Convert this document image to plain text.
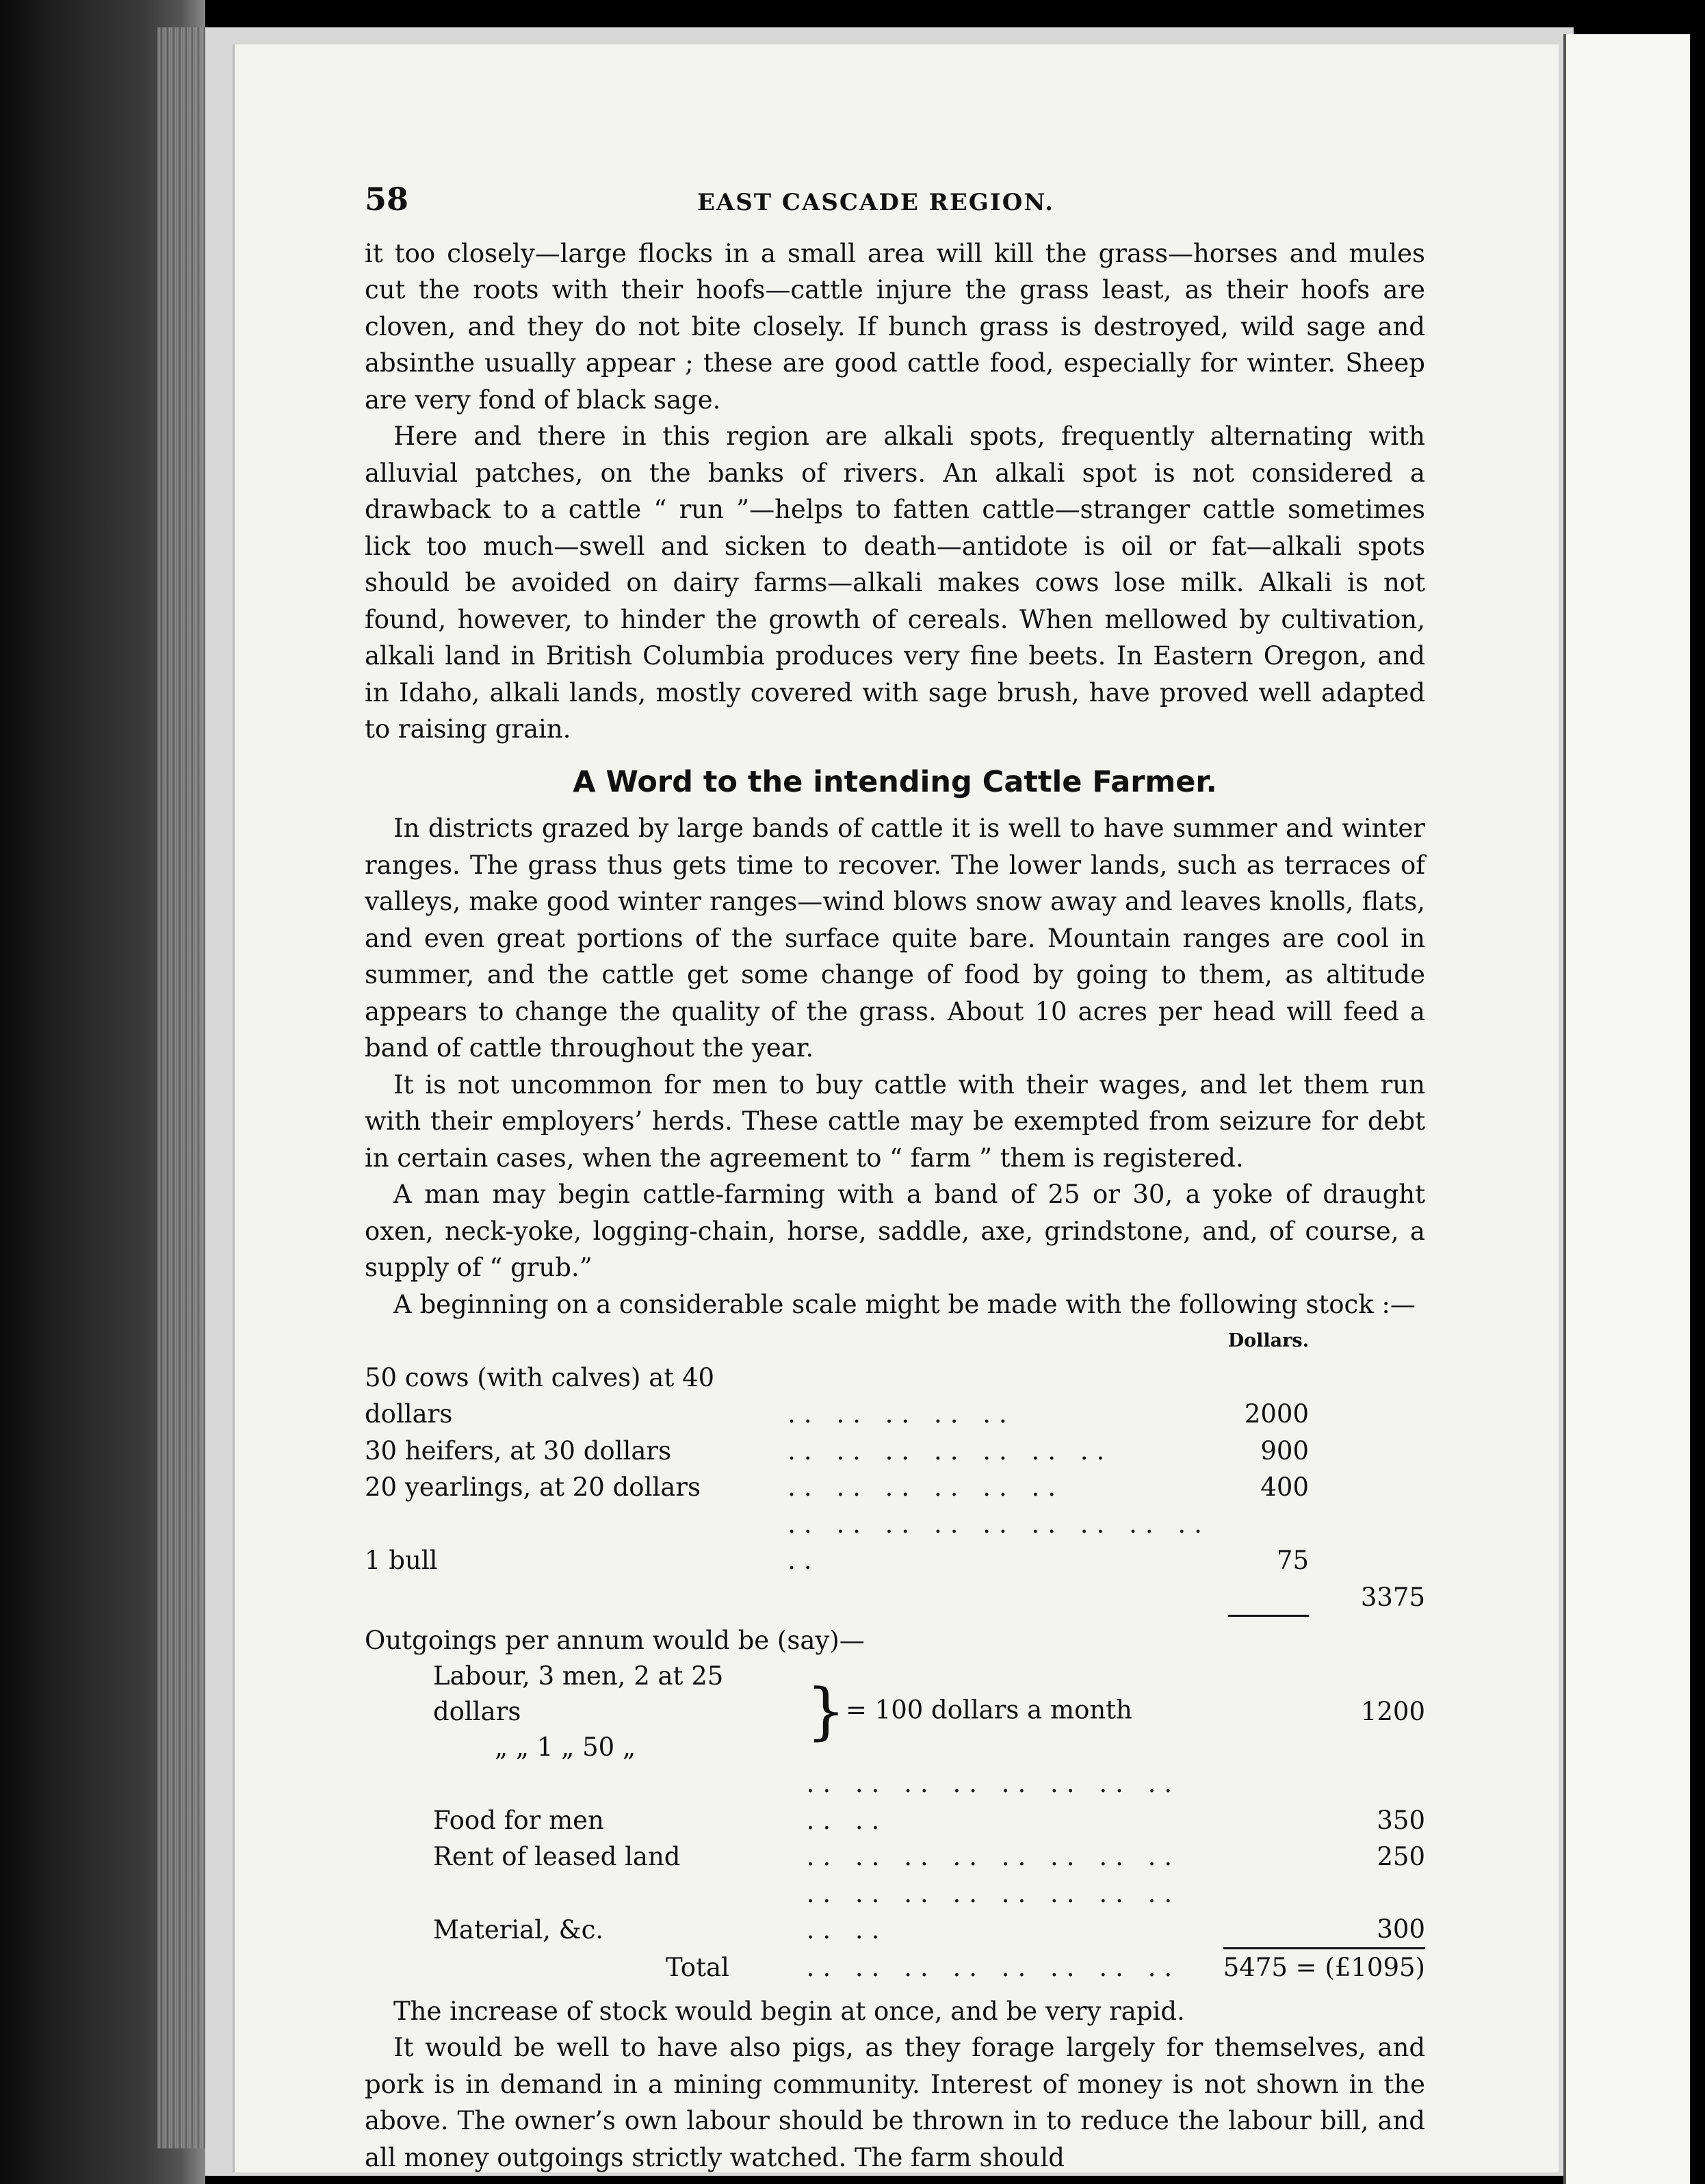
58	EAST CASCADE REGION.

it too closely—large flocks in a small area will kill the grass—horses and mules cut the roots with their hoofs—cattle injure the grass least, as their hoofs are cloven, and they do not bite closely. If bunch grass is destroyed, wild sage and absinthe usually appear ; these are good cattle food, especially for winter. Sheep are very fond of black sage.

Here and there in this region are alkali spots, frequently alternating with alluvial patches, on the banks of rivers. An alkali spot is not considered a drawback to a cattle “ run ”—helps to fatten cattle—stranger cattle sometimes lick too much—swell and sicken to death—antidote is oil or fat—alkali spots should be avoided on dairy farms—alkali makes cows lose milk. Alkali is not found, however, to hinder the growth of cereals. When mellowed by cultivation, alkali land in British Columbia produces very fine beets. In Eastern Oregon, and in Idaho, alkali lands, mostly covered with sage brush, have proved well adapted to raising grain.

A Word to the intending Cattle Farmer.

In districts grazed by large bands of cattle it is well to have summer and winter ranges. The grass thus gets time to recover. The lower lands, such as terraces of valleys, make good winter ranges—wind blows snow away and leaves knolls, flats, and even great portions of the surface quite bare. Mountain ranges are cool in summer, and the cattle get some change of food by going to them, as altitude appears to change the quality of the grass. About 10 acres per head will feed a band of cattle throughout the year.

It is not uncommon for men to buy cattle with their wages, and let them run with their employers’ herds. These cattle may be exempted from seizure for debt in certain cases, when the agreement to “ farm ” them is registered.

A man may begin cattle-farming with a band of 25 or 30, a yoke of draught oxen, neck-yoke, logging-chain, horse, saddle, axe, grindstone, and, of course, a supply of “ grub.”

A beginning on a considerable scale might be made with the following stock :—

		Dollars.	
50 cows (with calves) at 40 dollars	.. .. .. .. ..	2000	
30 heifers, at 30 dollars	.. .. .. .. .. .. ..	900	
20 yearlings, at 20 dollars	.. .. .. .. .. ..	400	
1 bull	.. .. .. .. .. .. .. .. .. ..	75	
			3375
Outgoings per annum would be (say)—		

Labour, 3 men, 2 at 25 dollars
„ „ 1 „ 50 „	}= 100 dollars a month		1200
Food for men	.. .. .. .. .. .. .. .. .. ..	350
Rent of leased land	.. .. .. .. .. .. .. ..	250
Material, &c.	.. .. .. .. .. .. .. .. .. ..	300
Total	.. .. .. .. .. .. .. ..	5475 = (£1095)

The increase of stock would begin at once, and be very rapid.

It would be well to have also pigs, as they forage largely for themselves, and pork is in demand in a mining community. Interest of money is not shown in the above. The owner’s own labour should be thrown in to reduce the labour bill, and all money outgoings strictly watched. The farm should
